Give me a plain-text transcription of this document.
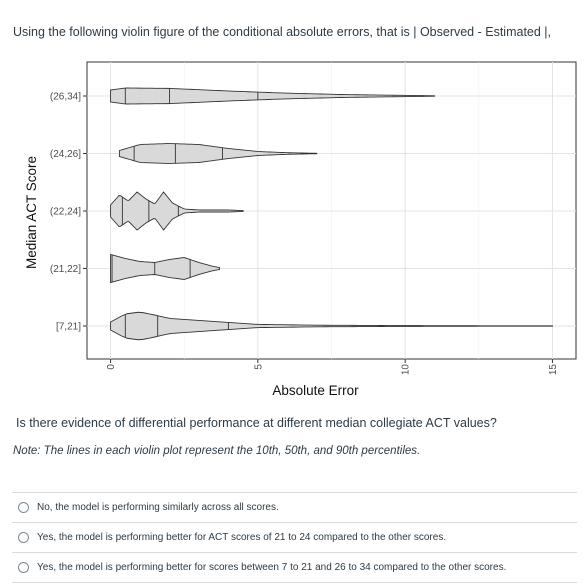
Using the following violin figure of the conditional absolute errors, that is | Observed - Estimated |,
(26,34]
(24,26]
(22,24]
(21,22]
[7,21]
0	5	10	15
Absolute Error
Median ACT Score
Is there evidence of differential performance at different median collegiate ACT values?
Note: The lines in each violin plot represent the 10th, 50th, and 90th percentiles.
No, the model is performing similarly across all scores.
Yes, the model is performing better for ACT scores of 21 to 24 compared to the other scores.
Yes, the model is performing better for scores between 7 to 21 and 26 to 34 compared to the other scores.
